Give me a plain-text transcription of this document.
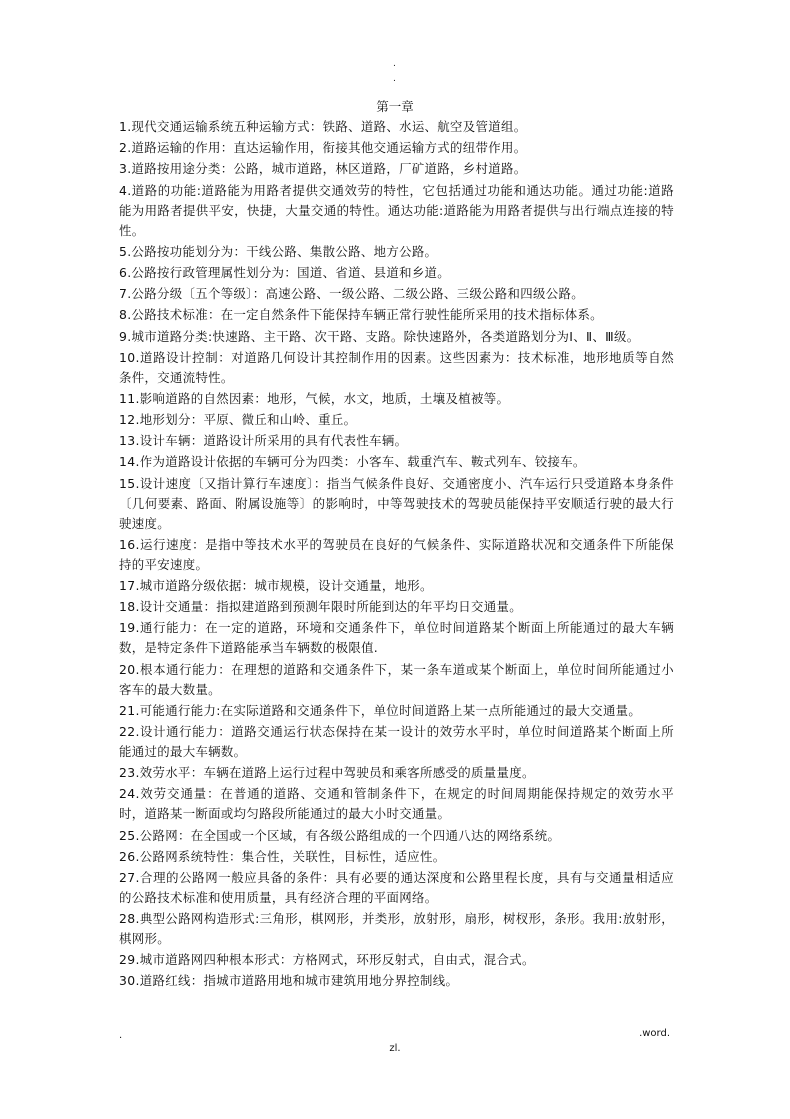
.
.
第一章

1.现代交通运输系统五种运输方式：铁路、道路、水运、航空及管道组。

2.道路运输的作用：直达运输作用，衔接其他交通运输方式的纽带作用。

3.道路按用途分类：公路，城市道路，林区道路，厂矿道路，乡村道路。

4.道路的功能:道路能为用路者提供交通效劳的特性，它包括通过功能和通达功能。通过功能:道路能为用路者提供平安，快捷，大量交通的特性。通达功能:道路能为用路者提供与出行端点连接的特性。

5.公路按功能划分为：干线公路、集散公路、地方公路。

6.公路按行政管理属性划分为：国道、省道、县道和乡道。

7.公路分级〔五个等级〕：高速公路、一级公路、二级公路、三级公路和四级公路。

8.公路技术标准：在一定自然条件下能保持车辆正常行驶性能所采用的技术指标体系。

9.城市道路分类:快速路、主干路、次干路、支路。除快速路外，各类道路划分为Ⅰ、Ⅱ、Ⅲ级。

10.道路设计控制：对道路几何设计其控制作用的因素。这些因素为：技术标准，地形地质等自然条件，交通流特性。

11.影响道路的自然因素：地形，气候，水文，地质，土壤及植被等。

12.地形划分：平原、微丘和山岭、重丘。

13.设计车辆：道路设计所采用的具有代表性车辆。

14.作为道路设计依据的车辆可分为四类：小客车、载重汽车、鞍式列车、铰接车。

15.设计速度〔又指计算行车速度〕：指当气候条件良好、交通密度小、汽车运行只受道路本身条件〔几何要素、路面、附属设施等〕的影响时，中等驾驶技术的驾驶员能保持平安顺适行驶的最大行驶速度。

16.运行速度：是指中等技术水平的驾驶员在良好的气候条件、实际道路状况和交通条件下所能保持的平安速度。

17.城市道路分级依据：城市规模，设计交通量，地形。

18.设计交通量：指拟建道路到预测年限时所能到达的年平均日交通量。

19.通行能力：在一定的道路，环境和交通条件下，单位时间道路某个断面上所能通过的最大车辆数，是特定条件下道路能承当车辆数的极限值.

20.根本通行能力：在理想的道路和交通条件下，某一条车道或某个断面上，单位时间所能通过小客车的最大数量。

21.可能通行能力:在实际道路和交通条件下，单位时间道路上某一点所能通过的最大交通量。

22.设计通行能力：道路交通运行状态保持在某一设计的效劳水平时，单位时间道路某个断面上所能通过的最大车辆数。

23.效劳水平：车辆在道路上运行过程中驾驶员和乘客所感受的质量量度。

24.效劳交通量：在普通的道路、交通和管制条件下，在规定的时间周期能保持规定的效劳水平时，道路某一断面或均匀路段所能通过的最大小时交通量。

25.公路网：在全国或一个区域，有各级公路组成的一个四通八达的网络系统。

26.公路网系统特性：集合性，关联性，目标性，适应性。

27.合理的公路网一般应具备的条件：具有必要的通达深度和公路里程长度，具有与交通量相适应的公路技术标准和使用质量，具有经济合理的平面网络。

28.典型公路网构造形式:三角形，棋网形，并类形，放射形，扇形，树杈形，条形。我用:放射形，棋网形。

29.城市道路网四种根本形式：方格网式，环形反射式，自由式，混合式。

30.道路红线：指城市道路用地和城市建筑用地分界控制线。

.	.word.
zl.
